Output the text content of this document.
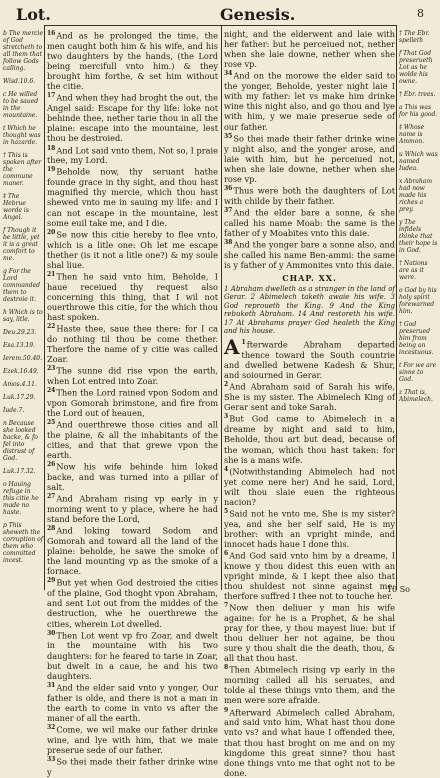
Lot.	Genesis.	8
b The mercie of God stretcheth to all them that follow Gods calling.
Wisd.10.6.
c He willed to be saued in the mountaine.
t Which he thought was in hazarde.
† This is spoken after the commune maner.
‡ The Hebrue worde is Angel.
f Though it be little, yet it is a great comfort to me.
g For the Lord commanded them to destroie it.
h Which is to say, litle.
Deu.29.23.
Esa.13.19.
Ierem.50.40.
Ezek.16.49.
Amos.4.11.
Luk.17.29.
Iude.7.
n Because she looked backe, & fo fel into distrust of God.
Luk.17.32.
o Hauing refuge in this citie he made no haste.
p This sheweth the corruption of them who committed incest.
$^{16}$And as he prolonged the time, the men caught both him & his wife, and his two daughters by the hands, (the Lord being mercifull vnto him.) & they brought him forthe, & set him without the citie.
$^{17}$And when they had broght the out, the Angel said: Escape for thy life: loke not behinde thee, nether tarie thou in all the plaine: escape into the mountaine, lest thou be destroied.
$^{18}$And Lot said vnto them, Not so, I praie thee, my Lord.
$^{19}$Beholde now, thy seruant hathe founde grace in thy sight, and thou hast magnified thy mercie, which thou hast shewed vnto me in sauing my life: and I can not escape in the mountaine, lest some euil take me, and I die.
$^{20}$Se now this citie hereby to flee vnto, which is a litle one: Oh let me escape thether (is it not a litle one?) & my soule shal liue.
$^{21}$Then he said vnto him, Beholde, I haue receiued thy request also concerning this thing, that I wil not ouerthrowe this citie, for the which thou hast spoken.
$^{22}$Haste thee, saue thee there: for I ca do nothing til thou be come thether. Therfore the name of y citie was called Zoar.
$^{23}$The sunne did rise vpon the earth, when Lot entred into Zoar.
$^{24}$Then the Lord rained vpon Sodom and vpon Gomorah brimstone, and fire from the Lord out of heauen,
$^{25}$And ouerthrewe those cities and all the plaine, & all the inhabitants of the cities, and that that grewe vpon the earth.
$^{26}$Now his wife behinde him loked backe, and was turned into a pillar of salt.
$^{27}$And Abraham rising vp early in y morning went to y place, where he had stand before the Lord,
$^{28}$And loking toward Sodom and Gomorah and toward all the land of the plaine: beholde, he sawe the smoke of the land mounting vp as the smoke of a fornace.
$^{29}$But yet when God destroied the cities of the plaine, God thoght vpon Abraham, and sent Lot out from the middes of the destruction, whe he ouerthrewe the cities, wherein Lot dwelled.
$^{30}$Then Lot went vp fro Zoar, and dwelt in the mountaine with his two daughters: for he feared to tarie in Zoar, but dwelt in a caue, he and his two daughters.
$^{31}$And the elder said vnto y yonger, Our father is olde, and there is not a man in the earth to come in vnto vs after the maner of all the earth.
$^{32}$Come, we wil make our father drinke wine, and lye with him, that we maie preserue sede of our father.
$^{33}$So thei made their father drinke wine y
night, and the elderwent and laie with her father: but he perceiued not, nether when she laie downe, nether when she rose vp.
$^{34}$And on the morowe the elder said to the yonger, Beholde, yester night laie I with my father: let vs make him drinke wine this night also, and go thou and lye with him, y we maie preserue sede of our father.
$^{35}$So thei made their father drinke wine y night also, and the yonger arose, and laie with him, but he perceiued not, when she laie downe, nether when she rose vp.
$^{36}$Thus were both the daughters of Lot with childe by their father.
$^{37}$And the elder bare a sonne, & she called his name Moab: the same is the father of y Moabites vnto this daie.
$^{38}$And the yonger bare a sonne also, and she called his name Ben-ammi: the same is y father of y Ammonites vnto this daie.
CHAP. XX.
1 Abraham dwelleth as a stranger in the land of Gerar. 2 Abimelech taketh awaie his wife. 3 God reproueth the King. 9 And the King rebuketh Abraham. 14 And restoreth his wife. 17 At Abrahams prayer God healeth the King and his house.
A $^1$fterwarde Abraham departed thence toward the South countrie and dwelled betwene Kadesh & Shur, and soiourned in Gerar.
$^2$And Abraham said of Sarah his wife, She is my sister. The Abimelech King of Gerar sent and toke Sarah.
$^3$But God came to Abimelech in a dreame by night and said to him, Beholde, thou art but dead, because of the woman, which thou hast taken: for she is a mans wife.
$^4$(Notwithstanding Abimelech had not yet come nere her) And he said, Lord, wilt thou slaie euen the righteous nacion?
$^5$Said not he vnto me, She is my sister? yea, and she her self said, He is my brother: with an vpright minde, and innocet hads haue I done this.
$^6$And God said vnto him by a dreame, I knowe y thou didest this euen with an vpright minde, & I kept thee also that thou shuldest not sinne against me: therfore suffred I thee not to touche her.
$^7$Now then deliuer y man his wife againe: for he is a Prophet, & he shal pray for thee, y thou mayest liue: but if thou deliuer her not againe, be thou sure y thou shalt die the death, thou, & all that thou hast.
$^8$Then Abimelech rising vp early in the morning called all his seruates, and tolde al these things vnto them, and the men were sore afraide.
$^9$Afterward Abimelech called Abraham, and said vnto him, What hast thou done vnto vs? and what haue I offended thee, that thou hast broght on me and on my kingdome this great sinne? thou hast done things vnto me that oght not to be done.
† The Ebr. spelleth
f That God preserueth Lot as he wolde his owne.
† Ebr. trees.
a This was for his good.
‡ Whose name is Ammon.
u Which was named Iudea.
x Abraham had now made his riches a prey.
y The infidels thinke that their hope is in God.
† Nations are as it were.
o God by his holy spirit forewarned him.
† God preserued him from being an incestuous.
t For we are sinne to God.
z That is, Abimelech.
10 So
